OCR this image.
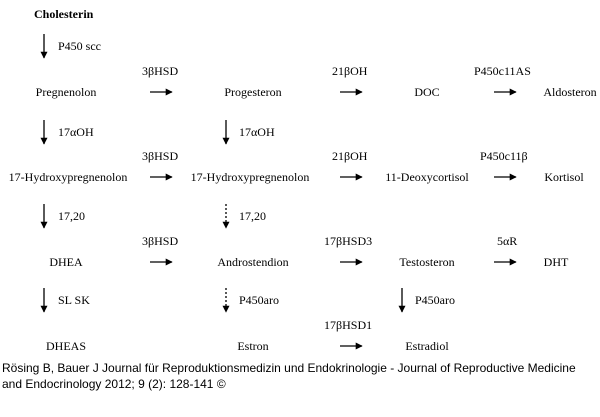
Cholesterin
Pregnenolon	Progesteron	DOC	Aldosteron
17-Hydroxypregnenolon	17-Hydroxypregnenolon	11-Deoxycortisol	Kortisol
DHEA	Androstendion	Testosteron	DHT
DHEAS	Estron	Estradiol
P450 scc
17αOH	17αOH
17,20	17,20
SL SK	P450aro	P450aro
3βHSD	21βOH	P450c11AS
3βHSD	21βOH	P450c11β
3βHSD	17βHSD3	5αR
17βHSD1
Rösing B, Bauer J Journal für Reproduktionsmedizin und Endokrinologie - Journal of Reproductive Medicine and Endocrinology 2012; 9 (2): 128-141 ©
